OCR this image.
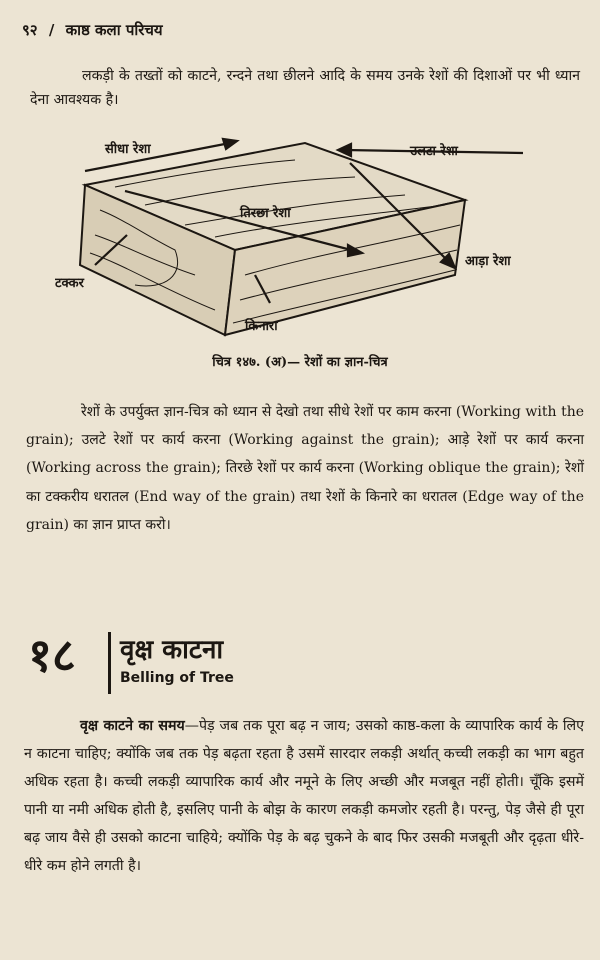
९२ / काष्ठ कला परिचय
लकड़ी के तख्तों को काटने, रन्दने तथा छीलने आदि के समय उनके रेशों की दिशाओं पर भी ध्यान देना आवश्यक है।
सीधा रेशा	उलटा रेशा
तिरछा रेशा
आड़ा रेशा
टक्कर
किनारा
चित्र १४७. (अ)— रेशों का ज्ञान-चित्र
रेशों के उपर्युक्त ज्ञान-चित्र को ध्यान से देखो तथा सीधे रेशों पर काम करना (Working with the grain); उलटे रेशों पर कार्य करना (Working against the grain); आड़े रेशों पर कार्य करना (Working across the grain); तिरछे रेशों पर कार्य करना (Working oblique the grain); रेशों का टक्करीय धरातल (End way of the grain) तथा रेशों के किनारे का धरातल (Edge way of the grain) का ज्ञान प्राप्त करो।
१८ वृक्ष काटना
Belling of Tree
वृक्ष काटने का समय—पेड़ जब तक पूरा बढ़ न जाय; उसको काष्ठ-कला के व्यापारिक कार्य के लिए न काटना चाहिए; क्योंकि जब तक पेड़ बढ़ता रहता है उसमें सारदार लकड़ी अर्थात् कच्ची लकड़ी का भाग बहुत अधिक रहता है। कच्ची लकड़ी व्यापारिक कार्य और नमूने के लिए अच्छी और मजबूत नहीं होती। चूँकि इसमें पानी या नमी अधिक होती है, इसलिए पानी के बोझ के कारण लकड़ी कमजोर रहती है। परन्तु, पेड़ जैसे ही पूरा बढ़ जाय वैसे ही उसको काटना चाहिये; क्योंकि पेड़ के बढ़ चुकने के बाद फिर उसकी मजबूती और दृढ़ता धीरे-धीरे कम होने लगती है।
